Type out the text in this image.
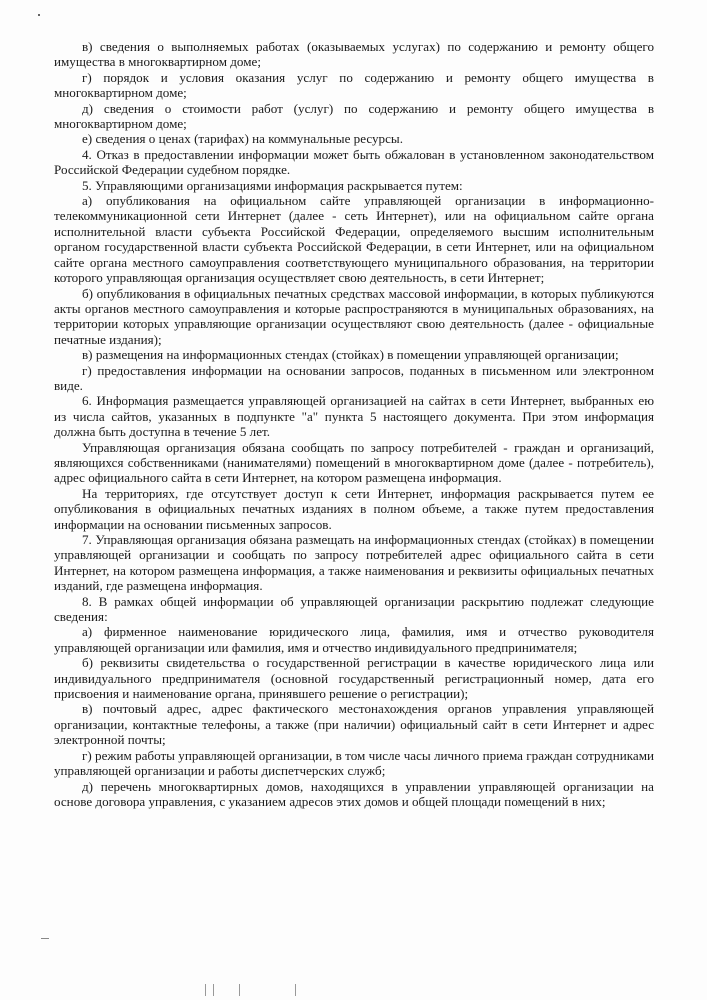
в) сведения о выполняемых работах (оказываемых услугах) по содержанию и ремонту общего имущества в многоквартирном доме;

г) порядок и условия оказания услуг по содержанию и ремонту общего имущества в многоквартирном доме;

д) сведения о стоимости работ (услуг) по содержанию и ремонту общего имущества в многоквартирном доме;

е) сведения о ценах (тарифах) на коммунальные ресурсы.

4. Отказ в предоставлении информации может быть обжалован в установленном законодательством Российской Федерации судебном порядке.

5. Управляющими организациями информация раскрывается путем:

а) опубликования на официальном сайте управляющей организации в информационно-телекоммуникационной сети Интернет (далее - сеть Интернет), или на официальном сайте органа исполнительной власти субъекта Российской Федерации, определяемого высшим исполнительным органом государственной власти субъекта Российской Федерации, в сети Интернет, или на официальном сайте органа местного самоуправления соответствующего муниципального образования, на территории которого управляющая организация осуществляет свою деятельность, в сети Интернет;

б) опубликования в официальных печатных средствах массовой информации, в которых публикуются акты органов местного самоуправления и которые распространяются в муниципальных образованиях, на территории которых управляющие организации осуществляют свою деятельность (далее - официальные печатные издания);

в) размещения на информационных стендах (стойках) в помещении управляющей организации;

г) предоставления информации на основании запросов, поданных в письменном или электронном виде.

6. Информация размещается управляющей организацией на сайтах в сети Интернет, выбранных ею из числа сайтов, указанных в подпункте "а" пункта 5 настоящего документа. При этом информация должна быть доступна в течение 5 лет.

Управляющая организация обязана сообщать по запросу потребителей - граждан и организаций, являющихся собственниками (нанимателями) помещений в многоквартирном доме (далее - потребитель), адрес официального сайта в сети Интернет, на котором размещена информация.

На территориях, где отсутствует доступ к сети Интернет, информация раскрывается путем ее опубликования в официальных печатных изданиях в полном объеме, а также путем предоставления информации на основании письменных запросов.

7. Управляющая организация обязана размещать на информационных стендах (стойках) в помещении управляющей организации и сообщать по запросу потребителей адрес официального сайта в сети Интернет, на котором размещена информация, а также наименования и реквизиты официальных печатных изданий, где размещена информация.

8. В рамках общей информации об управляющей организации раскрытию подлежат следующие сведения:

а) фирменное наименование юридического лица, фамилия, имя и отчество руководителя управляющей организации или фамилия, имя и отчество индивидуального предпринимателя;

б) реквизиты свидетельства о государственной регистрации в качестве юридического лица или индивидуального предпринимателя (основной государственный регистрационный номер, дата его присвоения и наименование органа, принявшего решение о регистрации);

в) почтовый адрес, адрес фактического местонахождения органов управления управляющей организации, контактные телефоны, а также (при наличии) официальный сайт в сети Интернет и адрес электронной почты;

г) режим работы управляющей организации, в том числе часы личного приема граждан сотрудниками управляющей организации и работы диспетчерских служб;

д) перечень многоквартирных домов, находящихся в управлении управляющей организации на основе договора управления, с указанием адресов этих домов и общей площади помещений в них;
